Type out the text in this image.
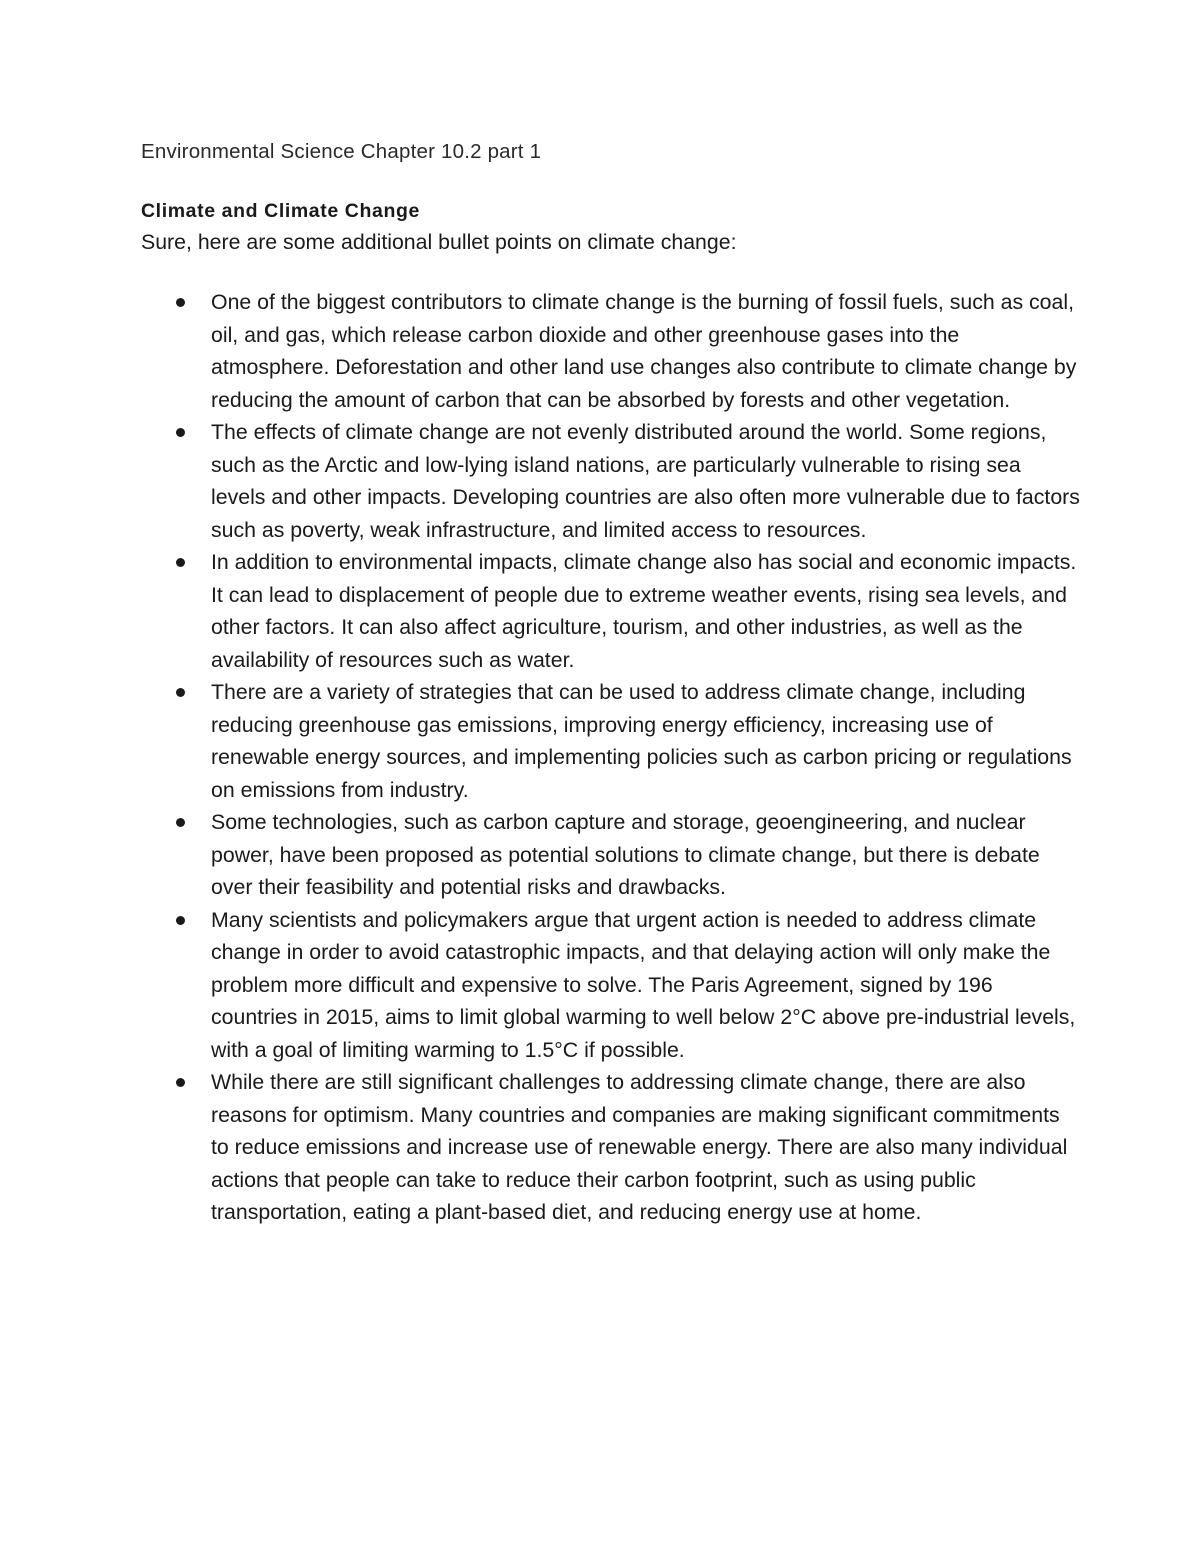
Environmental Science Chapter 10.2 part 1
Climate and Climate Change
Sure, here are some additional bullet points on climate change:
One of the biggest contributors to climate change is the burning of fossil fuels, such as coal, oil, and gas, which release carbon dioxide and other greenhouse gases into the atmosphere. Deforestation and other land use changes also contribute to climate change by reducing the amount of carbon that can be absorbed by forests and other vegetation.
The effects of climate change are not evenly distributed around the world. Some regions, such as the Arctic and low-lying island nations, are particularly vulnerable to rising sea levels and other impacts. Developing countries are also often more vulnerable due to factors such as poverty, weak infrastructure, and limited access to resources.
In addition to environmental impacts, climate change also has social and economic impacts. It can lead to displacement of people due to extreme weather events, rising sea levels, and other factors. It can also affect agriculture, tourism, and other industries, as well as the availability of resources such as water.
There are a variety of strategies that can be used to address climate change, including reducing greenhouse gas emissions, improving energy efficiency, increasing use of renewable energy sources, and implementing policies such as carbon pricing or regulations on emissions from industry.
Some technologies, such as carbon capture and storage, geoengineering, and nuclear power, have been proposed as potential solutions to climate change, but there is debate over their feasibility and potential risks and drawbacks.
Many scientists and policymakers argue that urgent action is needed to address climate change in order to avoid catastrophic impacts, and that delaying action will only make the problem more difficult and expensive to solve. The Paris Agreement, signed by 196 countries in 2015, aims to limit global warming to well below 2°C above pre-industrial levels, with a goal of limiting warming to 1.5°C if possible.
While there are still significant challenges to addressing climate change, there are also reasons for optimism. Many countries and companies are making significant commitments to reduce emissions and increase use of renewable energy. There are also many individual actions that people can take to reduce their carbon footprint, such as using public transportation, eating a plant-based diet, and reducing energy use at home.
